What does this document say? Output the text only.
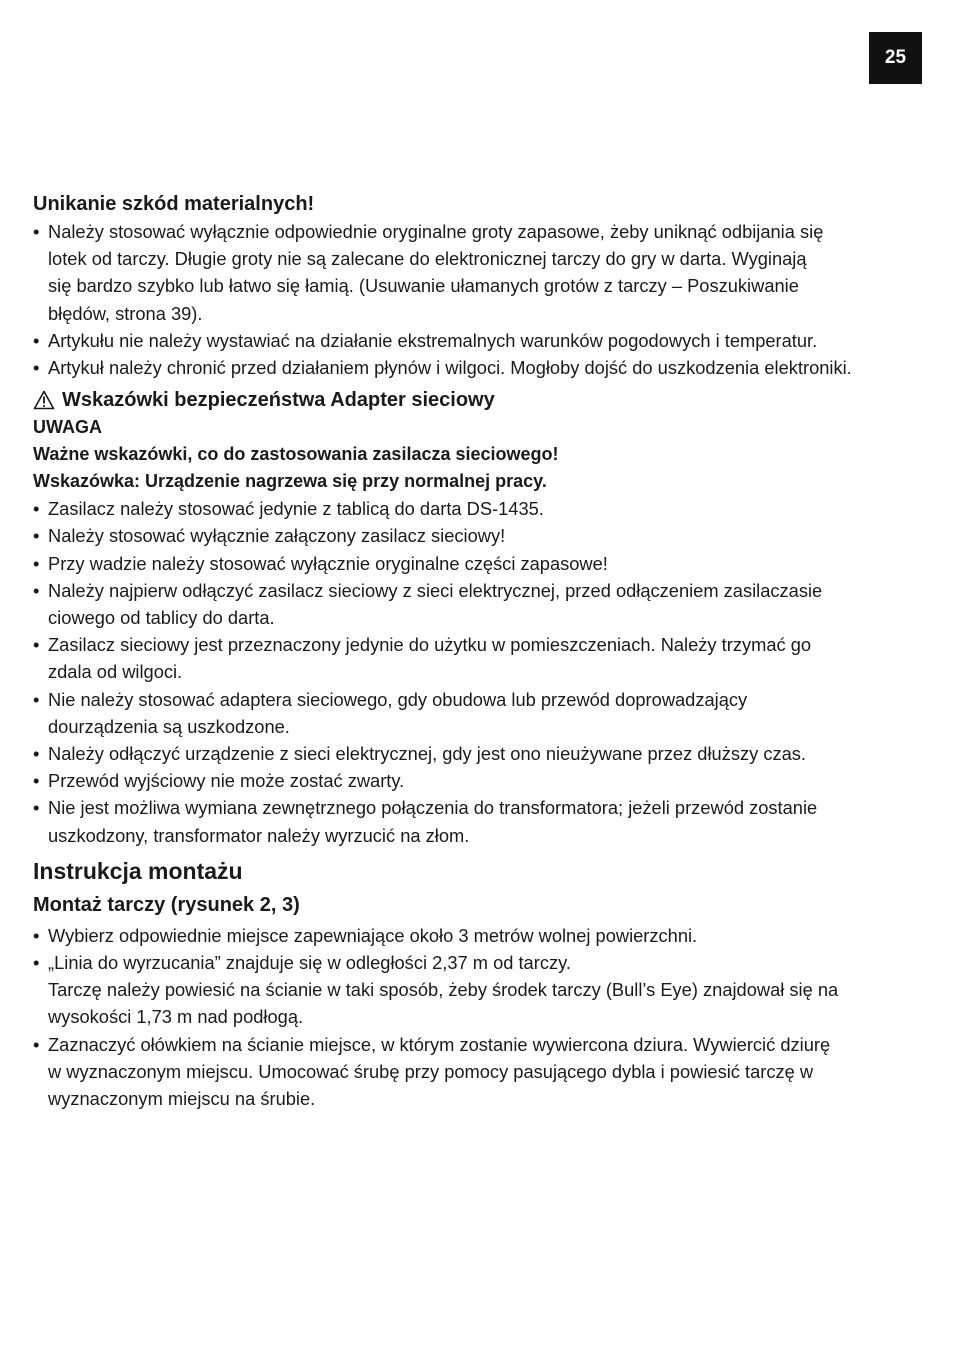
25
Unikanie szkód materialnych!
• Należy stosować wyłącznie odpowiednie oryginalne groty zapasowe, żeby uniknąć odbijania się
lotek od tarczy. Długie groty nie są zalecane do elektronicznej tarczy do gry w darta. Wyginają
się bardzo szybko lub łatwo się łamią. (Usuwanie ułamanych grotów z tarczy – Poszukiwanie
błędów, strona 39).
• Artykułu nie należy wystawiać na działanie ekstremalnych warunków pogodowych i temperatur.
• Artykuł należy chronić przed działaniem płynów i wilgoci. Mogłoby dojść do uszkodzenia elektroniki.
Wskazówki bezpieczeństwa Adapter sieciowy

UWAGA

Ważne wskazówki, co do zastosowania zasilacza sieciowego!

Wskazówka: Urządzenie nagrzewa się przy normalnej pracy.

• Zasilacz należy stosować jedynie z tablicą do darta DS-1435.
• Należy stosować wyłącznie załączony zasilacz sieciowy!
• Przy wadzie należy stosować wyłącznie oryginalne części zapasowe!
• Należy najpierw odłączyć zasilacz sieciowy z sieci elektrycznej, przed odłączeniem zasilaczasie
ciowego od tablicy do darta.
• Zasilacz sieciowy jest przeznaczony jedynie do użytku w pomieszczeniach. Należy trzymać go
zdala od wilgoci.
• Nie należy stosować adaptera sieciowego, gdy obudowa lub przewód doprowadzający
dourządzenia są uszkodzone.
• Należy odłączyć urządzenie z sieci elektrycznej, gdy jest ono nieużywane przez dłuższy czas.
• Przewód wyjściowy nie może zostać zwarty.
• Nie jest możliwa wymiana zewnętrznego połączenia do transformatora; jeżeli przewód zostanie
uszkodzony, transformator należy wyrzucić na złom.
Instrukcja montażu
Montaż tarczy (rysunek 2, 3)
• Wybierz odpowiednie miejsce zapewniające około 3 metrów wolnej powierzchni.
• „Linia do wyrzucania” znajduje się w odległości 2,37 m od tarczy.
Tarczę należy powiesić na ścianie w taki sposób, żeby środek tarczy (Bull’s Eye) znajdował się na
wysokości 1,73 m nad podłogą.
• Zaznaczyć ołówkiem na ścianie miejsce, w którym zostanie wywiercona dziura. Wywiercić dziurę
w wyznaczonym miejscu. Umocować śrubę przy pomocy pasującego dybla i powiesić tarczę w
wyznaczonym miejscu na śrubie.
